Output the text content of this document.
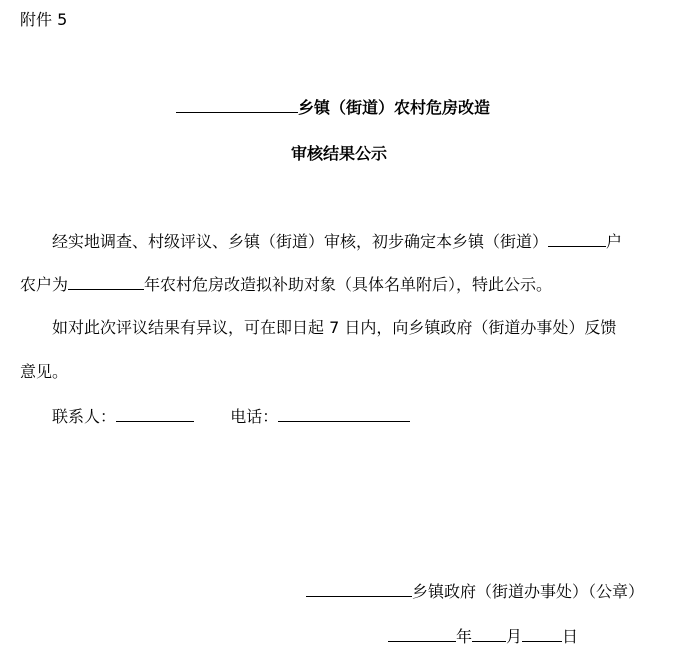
附件 5
乡镇（街道）农村危房改造
审核结果公示
经实地调查、村级评议、乡镇（街道）审核，初步确定本乡镇（街道）	户
农户为	年农村危房改造拟补助对象（具体名单附后），特此公示。
如对此次评议结果有异议，可在即日起 7 日内，向乡镇政府（街道办事处）反馈
意见。
联系人：	电话：
乡镇政府（街道办事处）（公章）
年 月	日
